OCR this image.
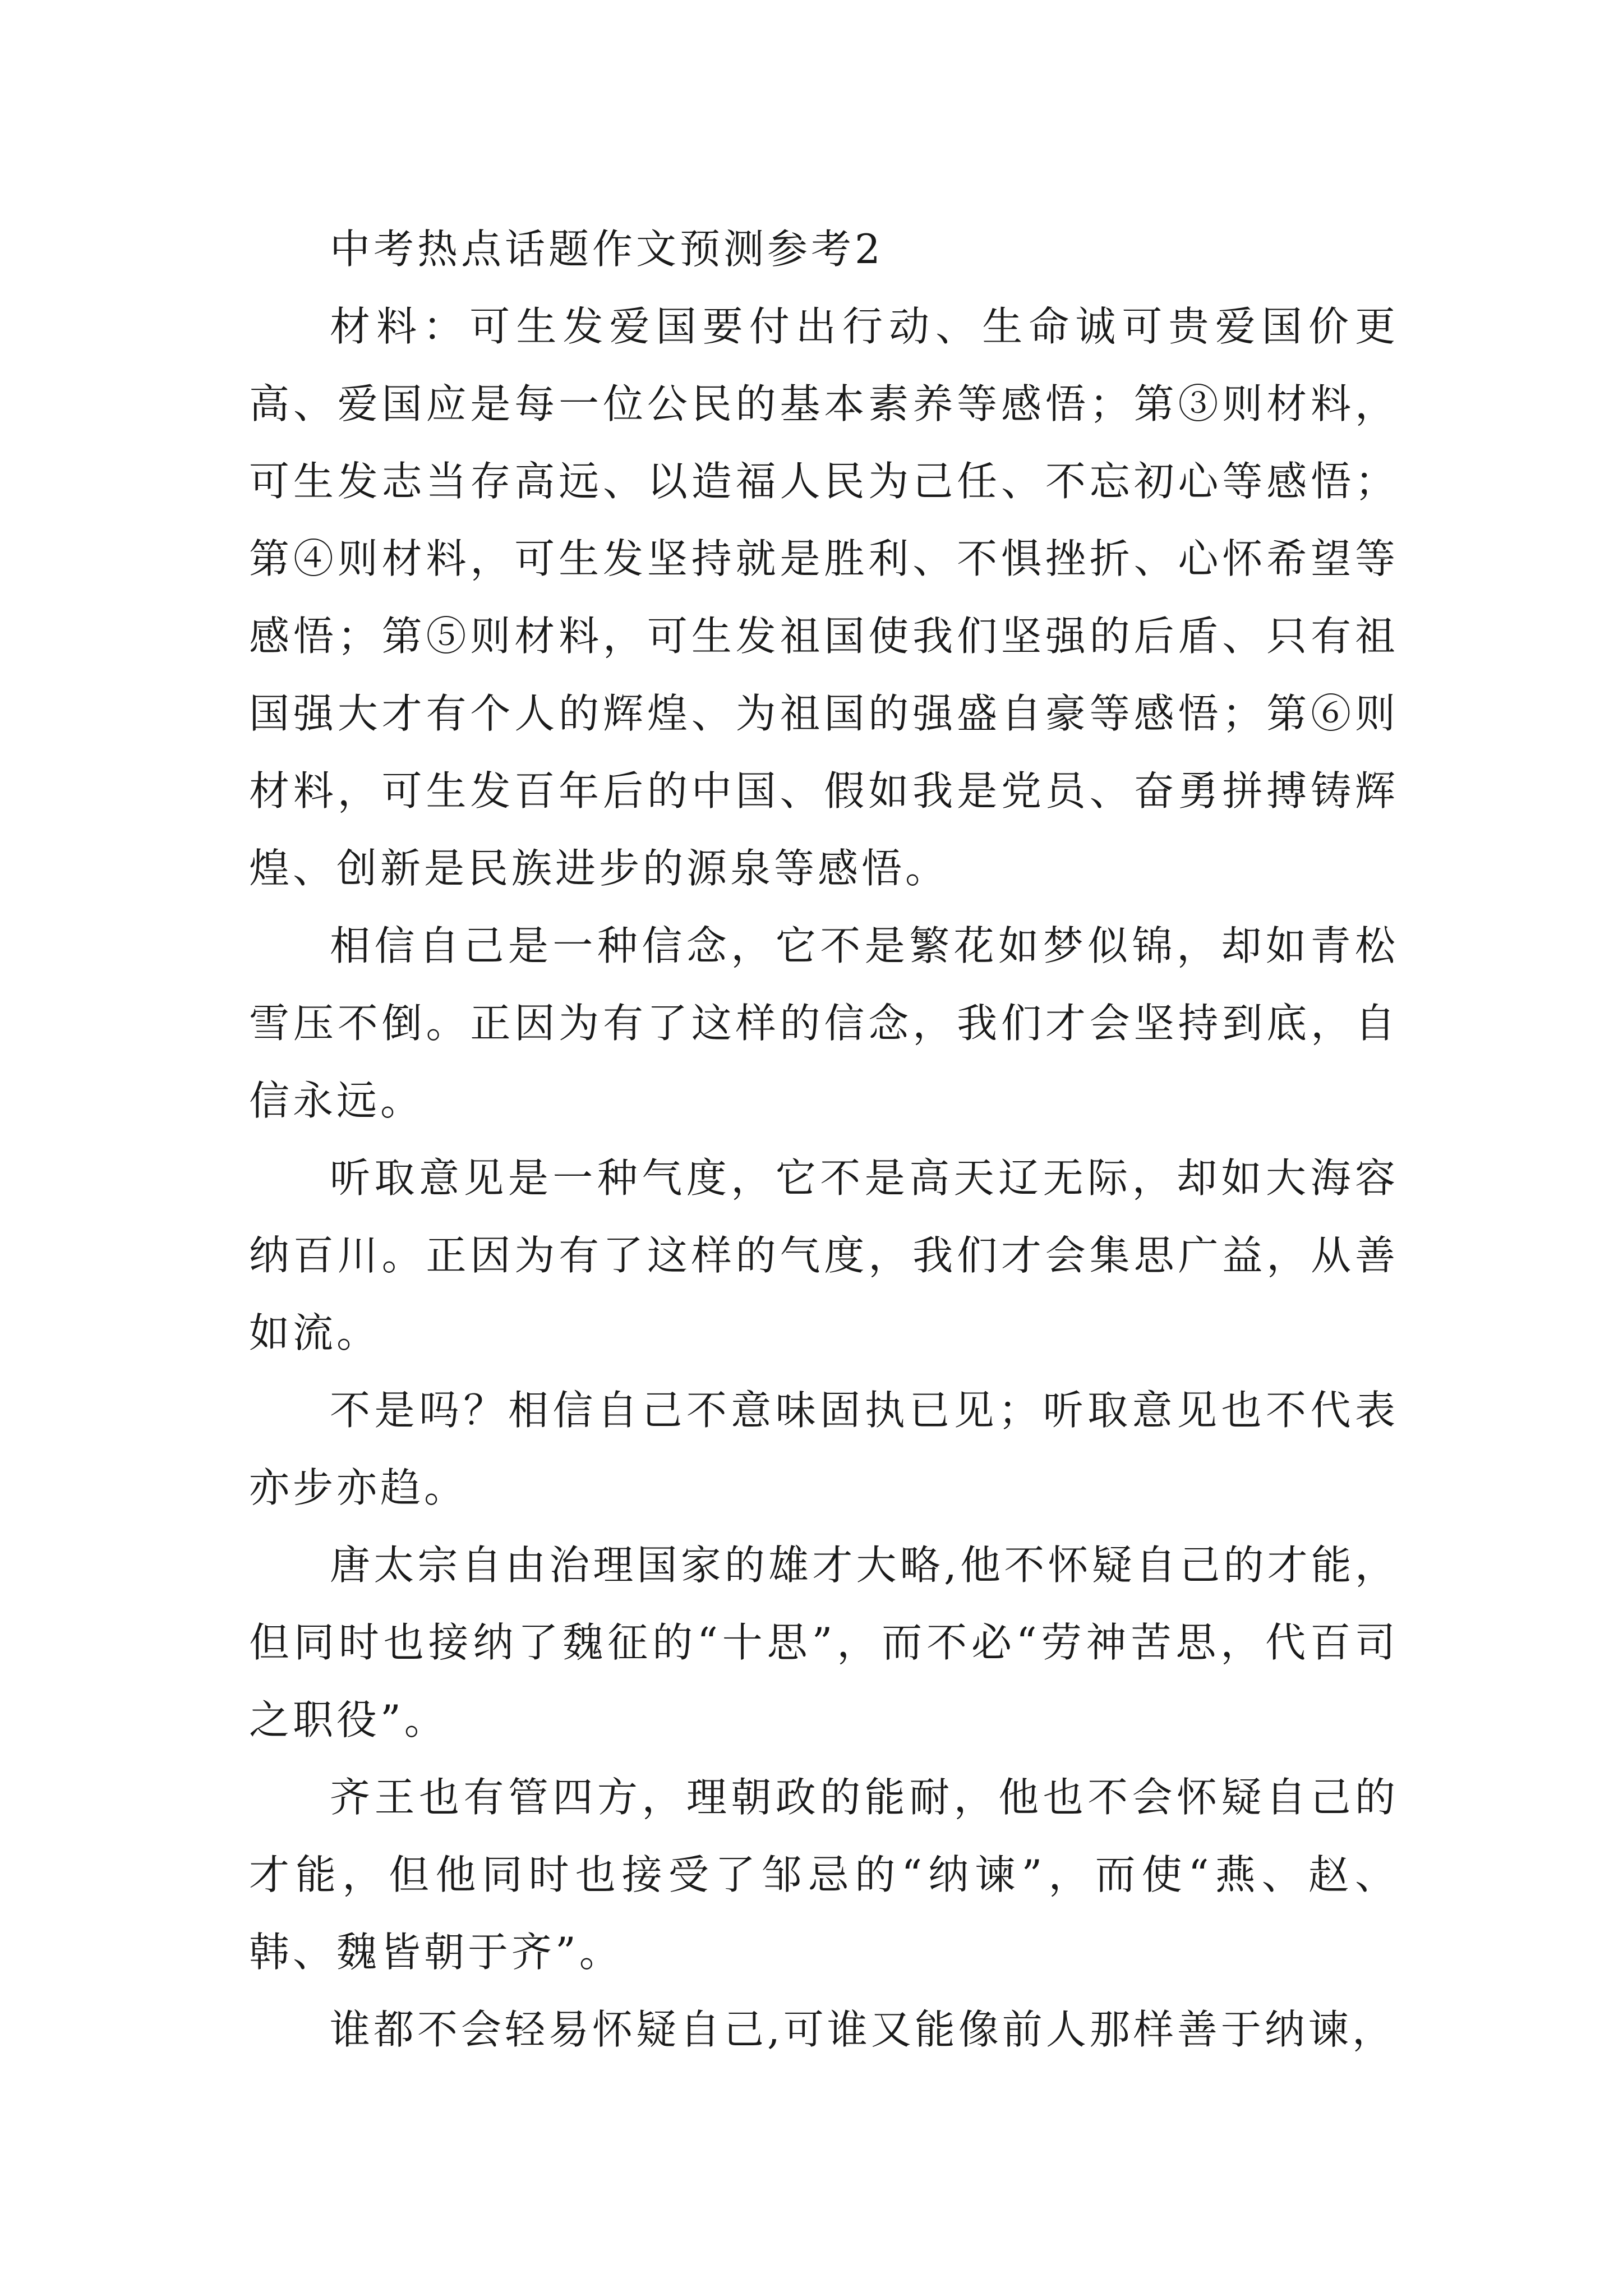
中考热点话题作文预测参考2

材料：可生发爱国要付出行动、生命诚可贵爱国价更高、爱国应是每一位公民的基本素养等感悟；第③则材料，可生发志当存高远、以造福人民为己任、不忘初心等感悟；第④则材料，可生发坚持就是胜利、不惧挫折、心怀希望等感悟；第⑤则材料，可生发祖国使我们坚强的后盾、只有祖国强大才有个人的辉煌、为祖国的强盛自豪等感悟；第⑥则材料，可生发百年后的中国、假如我是党员、奋勇拼搏铸辉煌、创新是民族进步的源泉等感悟。

相信自己是一种信念，它不是繁花如梦似锦，却如青松雪压不倒。正因为有了这样的信念，我们才会坚持到底，自信永远。

听取意见是一种气度，它不是高天辽无际，却如大海容纳百川。正因为有了这样的气度，我们才会集思广益，从善如流。

不是吗？相信自己不意味固执已见；听取意见也不代表亦步亦趋。

唐太宗自由治理国家的雄才大略,他不怀疑自己的才能，但同时也接纳了魏征的“十思”，而不必“劳神苦思，代百司之职役”。

齐王也有管四方，理朝政的能耐，他也不会怀疑自己的才能，但他同时也接受了邹忌的“纳谏”，而使“燕、赵、韩、魏皆朝于齐”。

谁都不会轻易怀疑自己,可谁又能像前人那样善于纳谏，
